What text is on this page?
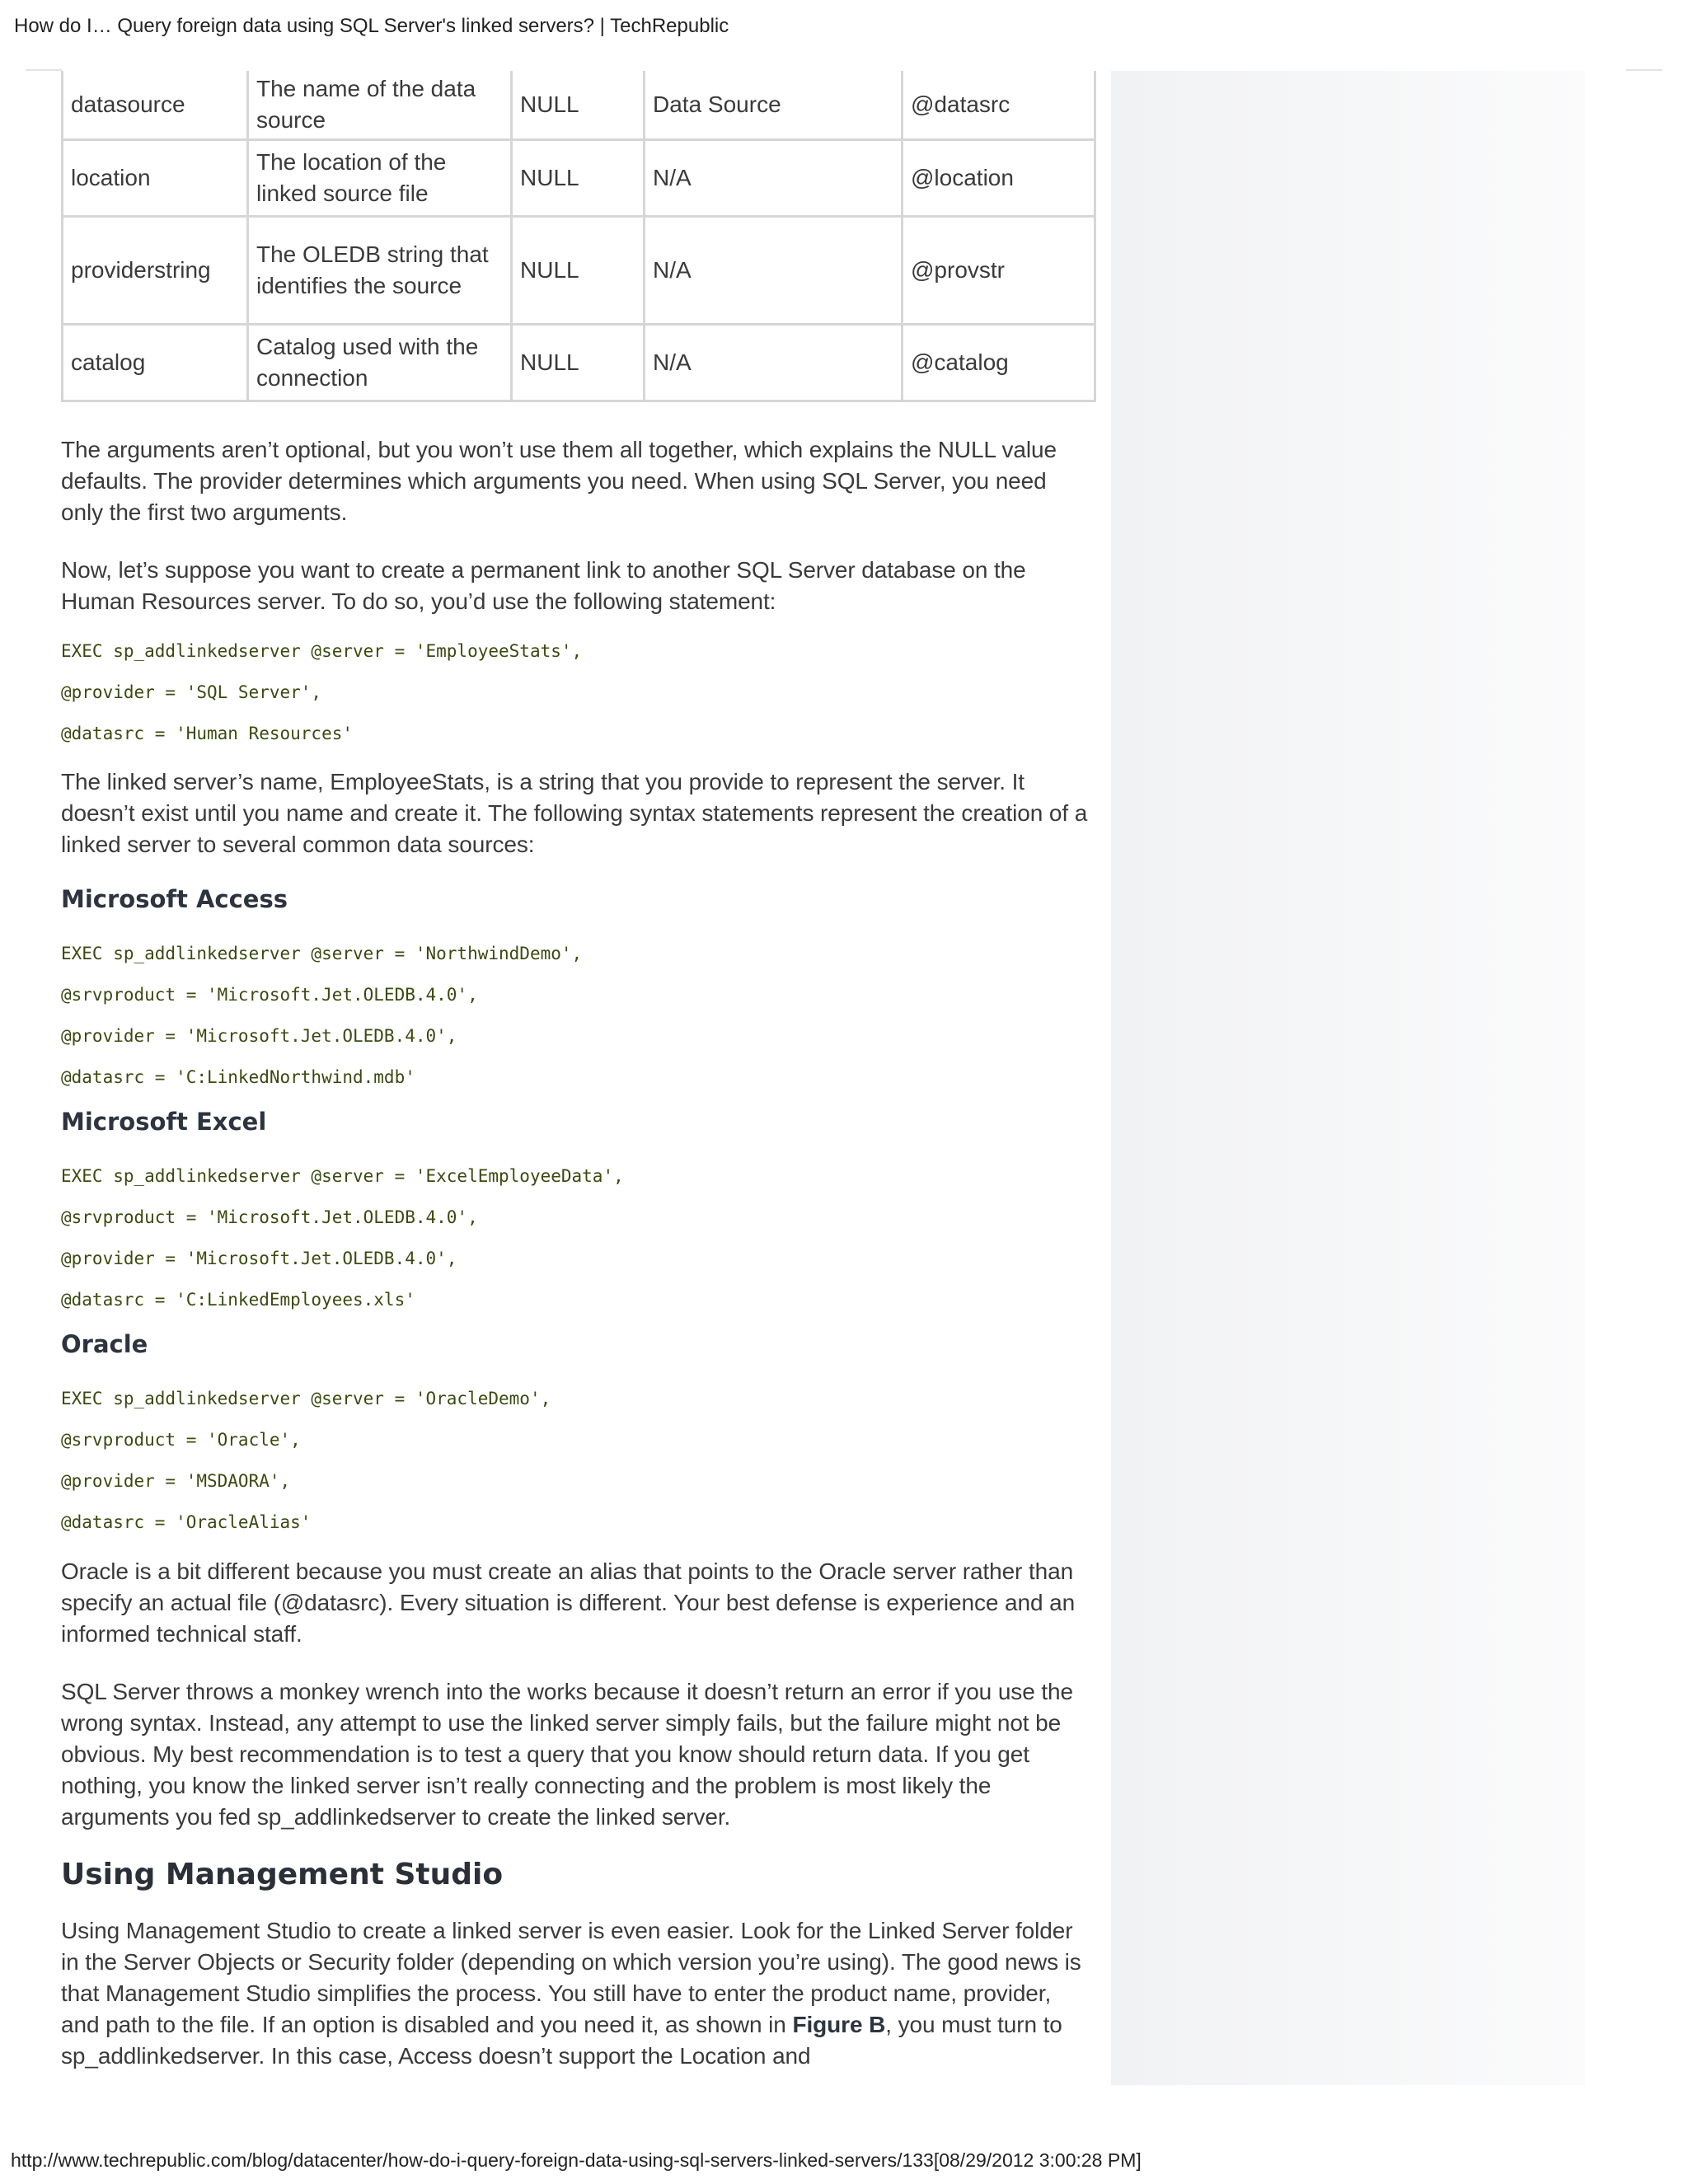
How do I… Query foreign data using SQL Server's linked servers? | TechRepublic
datasource	The name of the data source	NULL	Data Source	@datasrc
location	The location of the linked source file	NULL	N/A	@location
providerstring	The OLEDB string that identifies the source	NULL	N/A	@provstr
catalog	Catalog used with the connection	NULL	N/A	@catalog

The arguments aren’t optional, but you won’t use them all together, which explains the NULL value defaults. The provider determines which arguments you need. When using SQL Server, you need only the first two arguments.

Now, let’s suppose you want to create a permanent link to another SQL Server database on the Human Resources server. To do so, you’d use the following statement:

EXEC sp_addlinkedserver @server = 'EmployeeStats',
@provider = 'SQL Server',
@datasrc = 'Human Resources'

The linked server’s name, EmployeeStats, is a string that you provide to represent the server. It doesn’t exist until you name and create it. The following syntax statements represent the creation of a linked server to several common data sources:

Microsoft Access
EXEC sp_addlinkedserver @server = 'NorthwindDemo',
@srvproduct = 'Microsoft.Jet.OLEDB.4.0',
@provider = 'Microsoft.Jet.OLEDB.4.0',
@datasrc = 'C:LinkedNorthwind.mdb'
Microsoft Excel
EXEC sp_addlinkedserver @server = 'ExcelEmployeeData',
@srvproduct = 'Microsoft.Jet.OLEDB.4.0',
@provider = 'Microsoft.Jet.OLEDB.4.0',
@datasrc = 'C:LinkedEmployees.xls'
Oracle
EXEC sp_addlinkedserver @server = 'OracleDemo',
@srvproduct = 'Oracle',
@provider = 'MSDAORA',
@datasrc = 'OracleAlias'

Oracle is a bit different because you must create an alias that points to the Oracle server rather than specify an actual file (@datasrc). Every situation is different. Your best defense is experience and an informed technical staff.

SQL Server throws a monkey wrench into the works because it doesn’t return an error if you use the wrong syntax. Instead, any attempt to use the linked server simply fails, but the failure might not be obvious. My best recommendation is to test a query that you know should return data. If you get nothing, you know the linked server isn’t really connecting and the problem is most likely the arguments you fed sp_addlinkedserver to create the linked server.

Using Management Studio

Using Management Studio to create a linked server is even easier. Look for the Linked Server folder in the Server Objects or Security folder (depending on which version you’re using). The good news is that Management Studio simplifies the process. You still have to enter the product name, provider, and path to the file. If an option is disabled and you need it, as shown in Figure B, you must turn to sp_addlinkedserver. In this case, Access doesn’t support the Location and

http://www.techrepublic.com/blog/datacenter/how-do-i-query-foreign-data-using-sql-servers-linked-servers/133[08/29/2012 3:00:28 PM]
